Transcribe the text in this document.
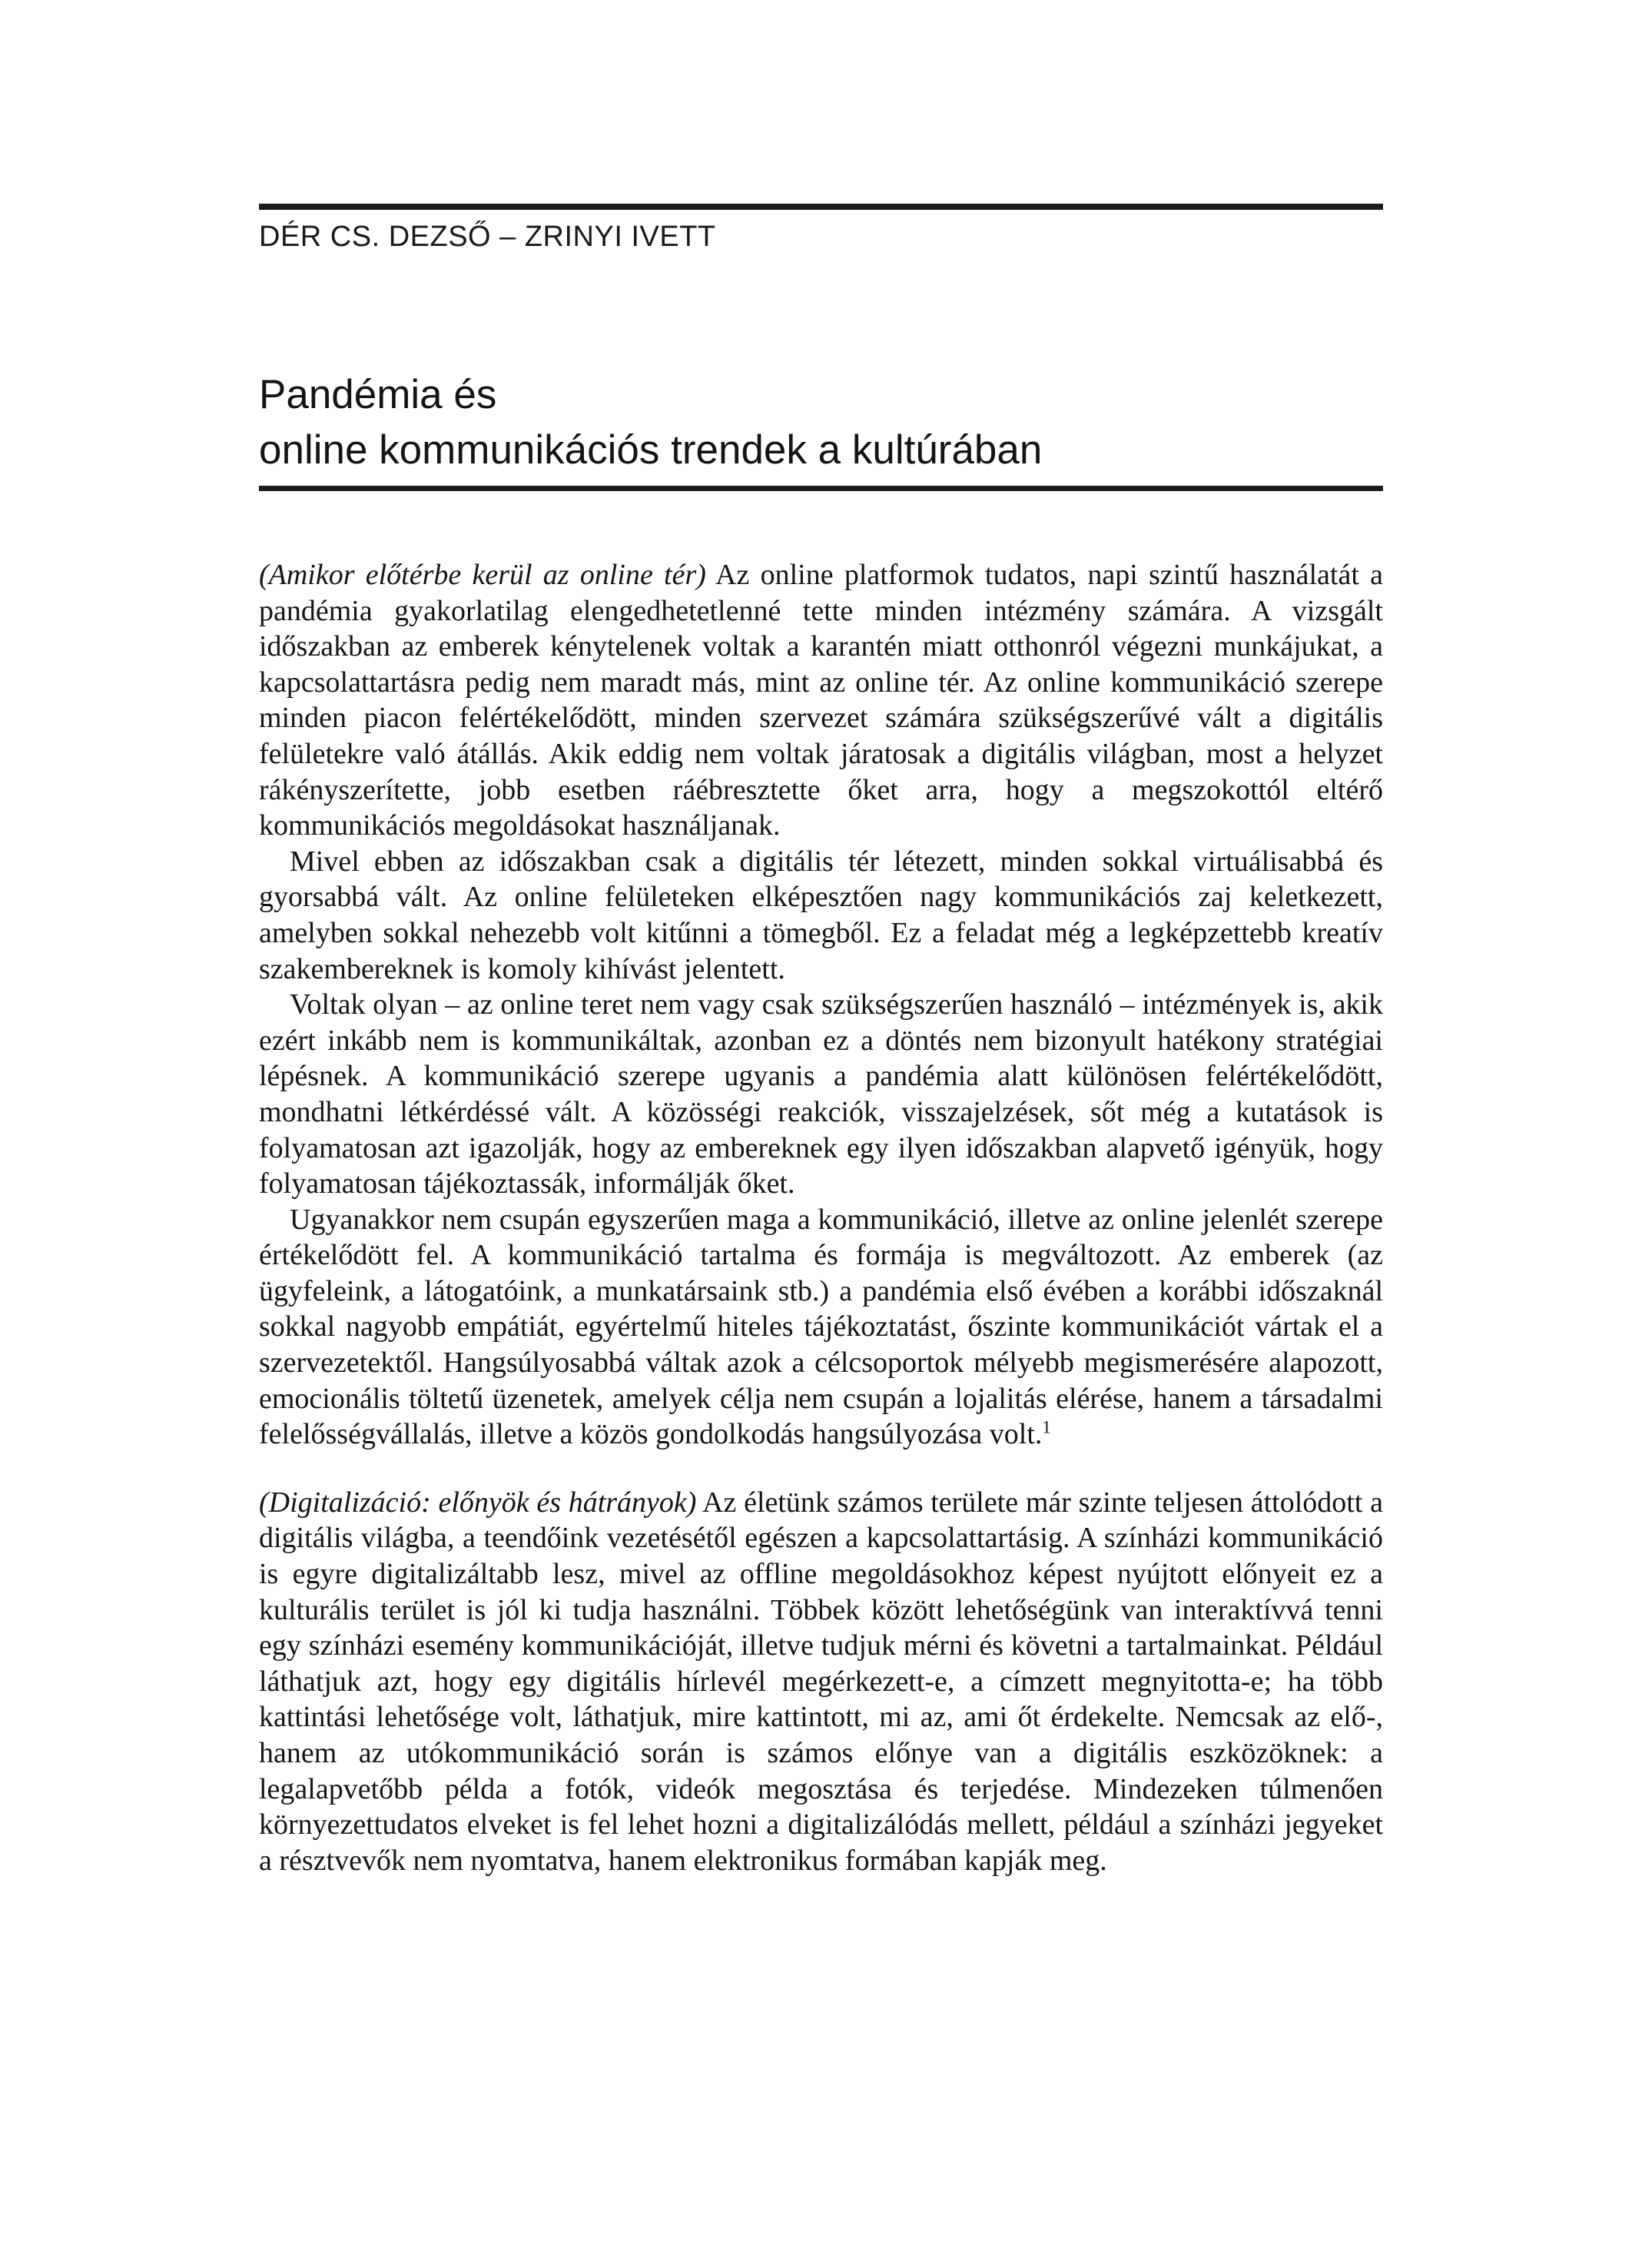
DÉR CS. DEZSŐ – ZRINYI IVETT
Pandémia és
online kommunikációs trendek a kultúrában

(Amikor előtérbe kerül az online tér) Az online platformok tudatos, napi szintű használatát a pandémia gyakorlatilag elengedhetetlenné tette minden intézmény számára. A vizsgált időszakban az emberek kénytelenek voltak a karantén miatt otthonról végezni munkájukat, a kapcsolattartásra pedig nem maradt más, mint az online tér. Az online kommunikáció szerepe minden piacon felértékelődött, minden szervezet számára szükségszerűvé vált a digitális felületekre való átállás. Akik eddig nem voltak járatosak a digitális világban, most a helyzet rákényszerítette, jobb esetben ráébresztette őket arra, hogy a megszokottól eltérő kommunikációs megoldásokat használjanak.

Mivel ebben az időszakban csak a digitális tér létezett, minden sokkal virtuálisabbá és gyorsabbá vált. Az online felületeken elképesztően nagy kommunikációs zaj keletkezett, amelyben sokkal nehezebb volt kitűnni a tömegből. Ez a feladat még a legképzettebb kreatív szakembereknek is komoly kihívást jelentett.

Voltak olyan – az online teret nem vagy csak szükségszerűen használó – intézmények is, akik ezért inkább nem is kommunikáltak, azonban ez a döntés nem bizonyult hatékony stratégiai lépésnek. A kommunikáció szerepe ugyanis a pandémia alatt különösen felértékelődött, mondhatni létkérdéssé vált. A közösségi reakciók, visszajelzések, sőt még a kutatások is folyamatosan azt igazolják, hogy az embereknek egy ilyen időszakban alapvető igényük, hogy folyamatosan tájékoztassák, informálják őket.

Ugyanakkor nem csupán egyszerűen maga a kommunikáció, illetve az online jelenlét szerepe értékelődött fel. A kommunikáció tartalma és formája is megváltozott. Az emberek (az ügyfeleink, a látogatóink, a munkatársaink stb.) a pandémia első évében a korábbi időszaknál sokkal nagyobb empátiát, egyértelmű hiteles tájékoztatást, őszinte kommunikációt vártak el a szervezetektől. Hangsúlyosabbá váltak azok a célcsoportok mélyebb megismerésére alapozott, emocionális töltetű üzenetek, amelyek célja nem csupán a lojalitás elérése, hanem a társadalmi felelősségvállalás, illetve a közös gondolkodás hangsúlyozása volt.$^1$

(Digitalizáció: előnyök és hátrányok) Az életünk számos területe már szinte teljesen áttolódott a digitális világba, a teendőink vezetésétől egészen a kapcsolattartásig. A színházi kommunikáció is egyre digitalizáltabb lesz, mivel az offline megoldásokhoz képest nyújtott előnyeit ez a kulturális terület is jól ki tudja használni. Többek között lehetőségünk van interaktívvá tenni egy színházi esemény kommunikációját, illetve tudjuk mérni és követni a tartalmainkat. Például láthatjuk azt, hogy egy digitális hírlevél megérkezett-e, a címzett megnyitotta-e; ha több kattintási lehetősége volt, láthatjuk, mire kattintott, mi az, ami őt érdekelte. Nemcsak az elő-, hanem az utókommunikáció során is számos előnye van a digitális eszközöknek: a legalapvetőbb példa a fotók, videók megosztása és terjedése. Mindezeken túlmenően környezettudatos elveket is fel lehet hozni a digitalizálódás mellett, például a színházi jegyeket a résztvevők nem nyomtatva, hanem elektronikus formában kapják meg.
